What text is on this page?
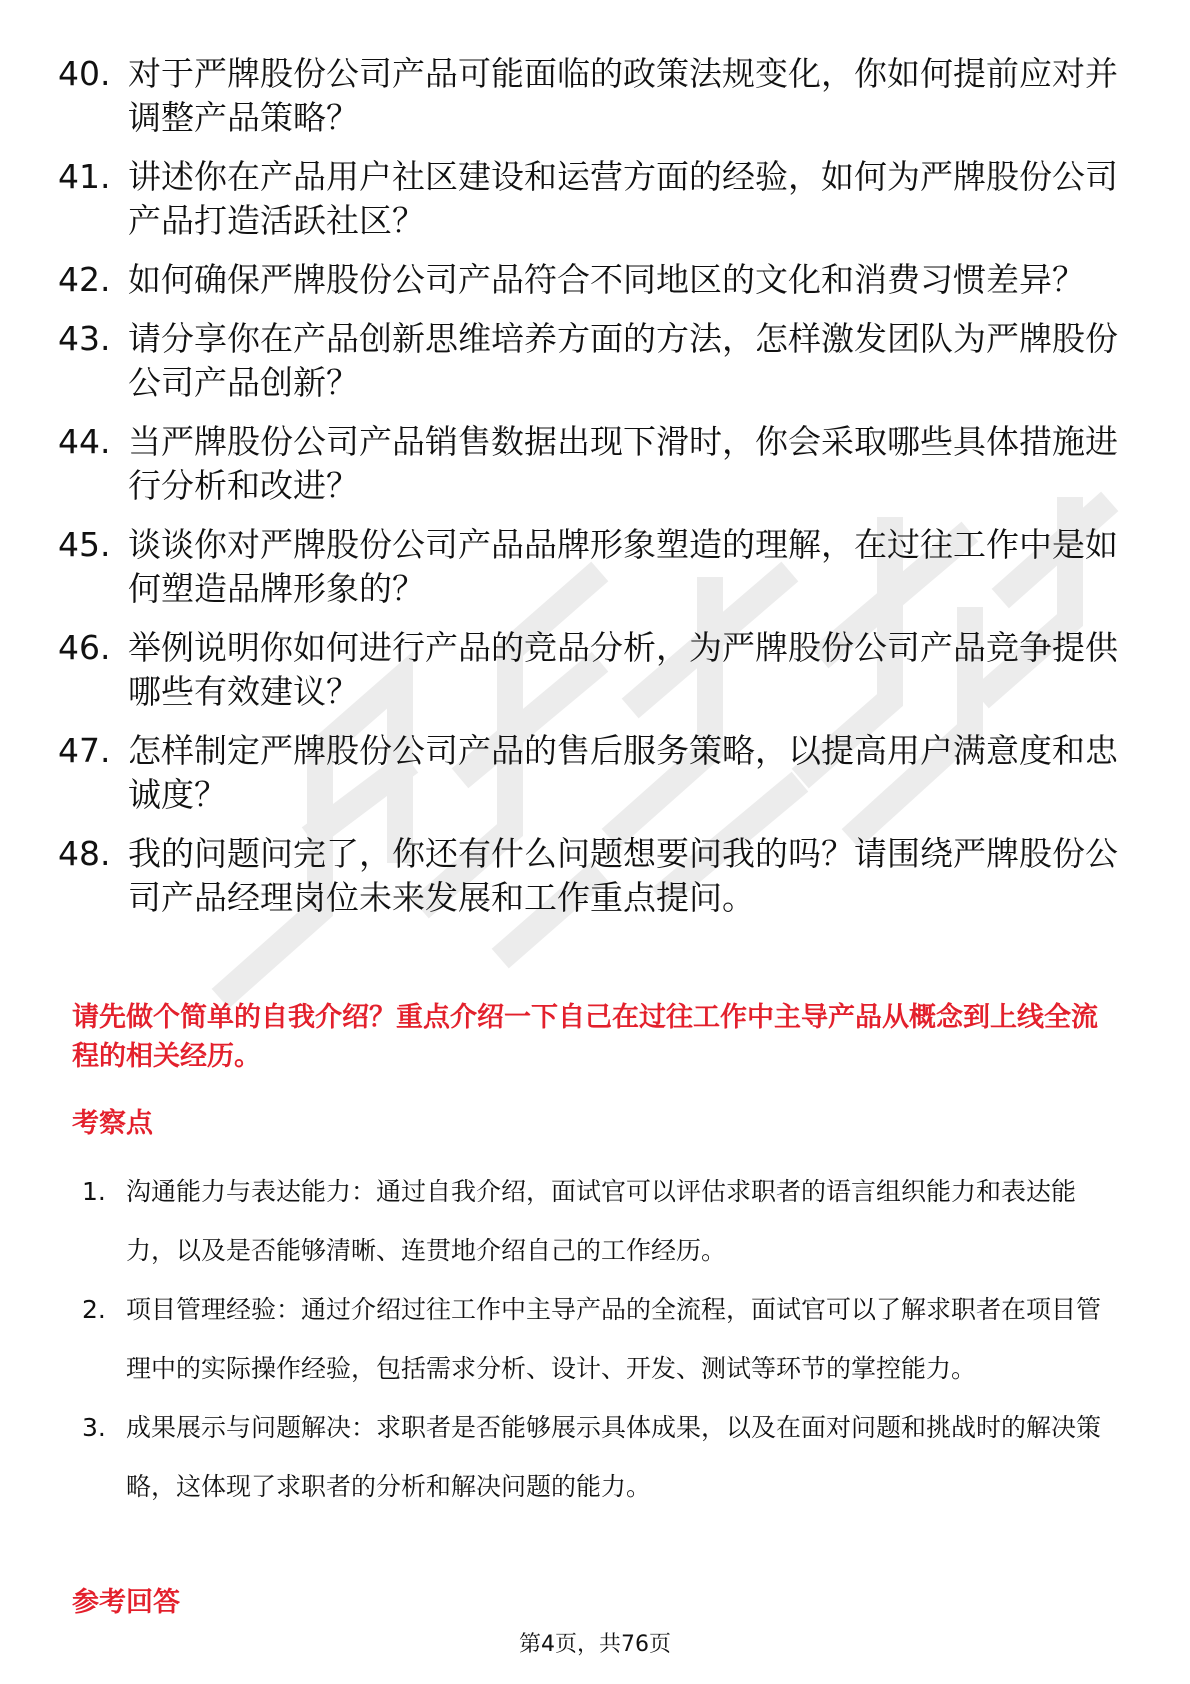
40. 对于严牌股份公司产品可能面临的政策法规变化，你如何提前应对并调整产品策略？
41. 讲述你在产品用户社区建设和运营方面的经验，如何为严牌股份公司产品打造活跃社区？
42. 如何确保严牌股份公司产品符合不同地区的文化和消费习惯差异？
43. 请分享你在产品创新思维培养方面的方法，怎样激发团队为严牌股份公司产品创新？
44. 当严牌股份公司产品销售数据出现下滑时，你会采取哪些具体措施进行分析和改进？
45. 谈谈你对严牌股份公司产品品牌形象塑造的理解，在过往工作中是如何塑造品牌形象的？
46. 举例说明你如何进行产品的竞品分析，为严牌股份公司产品竞争提供哪些有效建议？
47. 怎样制定严牌股份公司产品的售后服务策略，以提高用户满意度和忠诚度？
48. 我的问题问完了，你还有什么问题想要问我的吗？请围绕严牌股份公司产品经理岗位未来发展和工作重点提问。
请先做个简单的自我介绍？重点介绍一下自己在过往工作中主导产品从概念到上线全流程的相关经历。
考察点
1. 沟通能力与表达能力：通过自我介绍，面试官可以评估求职者的语言组织能力和表达能力，以及是否能够清晰、连贯地介绍自己的工作经历。
2. 项目管理经验：通过介绍过往工作中主导产品的全流程，面试官可以了解求职者在项目管理中的实际操作经验，包括需求分析、设计、开发、测试等环节的掌控能力。
3. 成果展示与问题解决：求职者是否能够展示具体成果，以及在面对问题和挑战时的解决策略，这体现了求职者的分析和解决问题的能力。
参考回答
第4页，共76页
